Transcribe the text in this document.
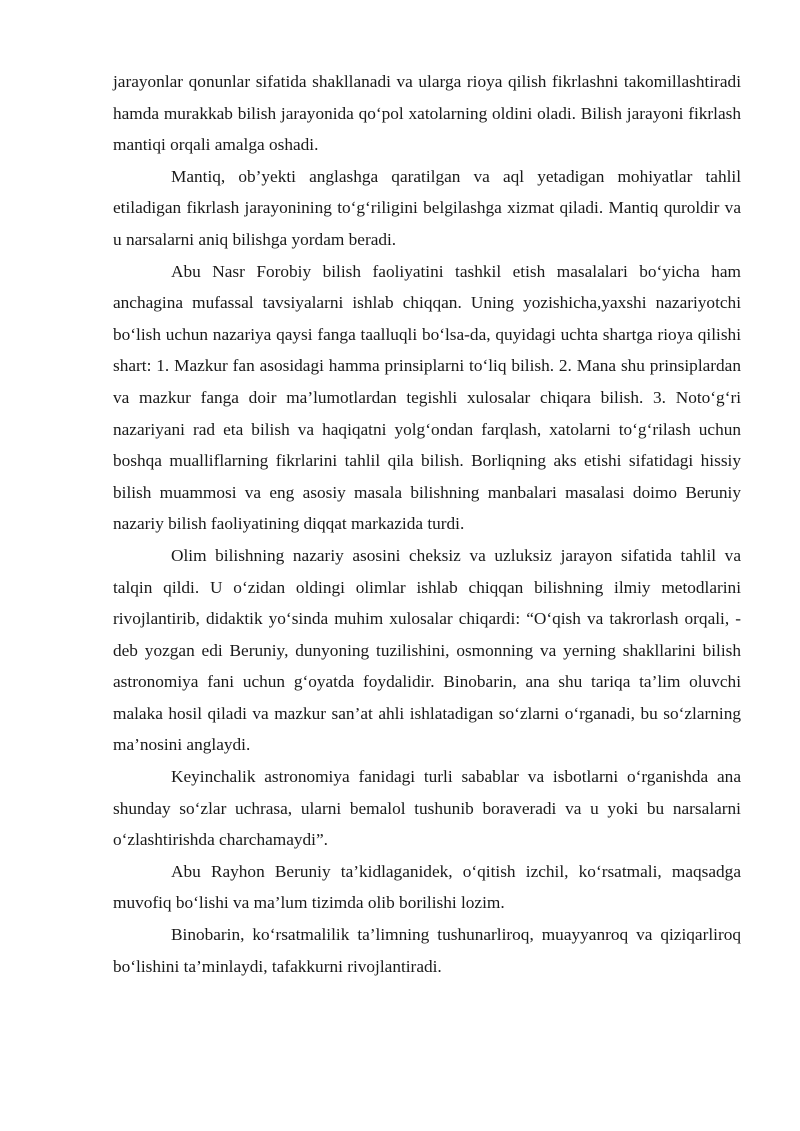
jarayonlar qonunlar sifatida shakllanadi va ularga rioya qilish fikrlashni takomillashtiradi hamda murakkab bilish jarayonida qo‘pol xatolarning oldini oladi. Bilish jarayoni fikrlash mantiqi orqali amalga oshadi.

Mantiq, ob’yekti anglashga qaratilgan va aql yetadigan mohiyatlar tahlil etiladigan fikrlash jarayonining to‘g‘riligini belgilashga xizmat qiladi. Mantiq quroldir va u narsalarni aniq bilishga yordam beradi.

Abu Nasr Forobiy bilish faoliyatini tashkil etish masalalari bo‘yicha ham anchagina mufassal tavsiyalarni ishlab chiqqan. Uning yozishicha,yaxshi nazariyotchi bo‘lish uchun nazariya qaysi fanga taalluqli bo‘lsa-da, quyidagi uchta shartga rioya qilishi shart: 1. Mazkur fan asosidagi hamma prinsiplarni to‘liq bilish. 2. Mana shu prinsiplardan va mazkur fanga doir ma’lumotlardan tegishli xulosalar chiqara bilish. 3. Noto‘g‘ri nazariyani rad eta bilish va haqiqatni yolg‘ondan farqlash, xatolarni to‘g‘rilash uchun boshqa mualliflarning fikrlarini tahlil qila bilish. Borliqning aks etishi sifatidagi hissiy bilish muammosi va eng asosiy masala bilishning manbalari masalasi doimo Beruniy nazariy bilish faoliyatining diqqat markazida turdi.

Olim bilishning nazariy asosini cheksiz va uzluksiz jarayon sifatida tahlil va talqin qildi. U o‘zidan oldingi olimlar ishlab chiqqan bilishning ilmiy metodlarini rivojlantirib, didaktik yo‘sinda muhim xulosalar chiqardi: “O‘qish va takrorlash orqali, - deb yozgan edi Beruniy, dunyoning tuzilishini, osmonning va yerning shakllarini bilish astronomiya fani uchun g‘oyatda foydalidir. Binobarin, ana shu tariqa ta’lim oluvchi malaka hosil qiladi va mazkur san’at ahli ishlatadigan so‘zlarni o‘rganadi, bu so‘zlarning ma’nosini anglaydi.

Keyinchalik astronomiya fanidagi turli sabablar va isbotlarni o‘rganishda ana shunday so‘zlar uchrasa, ularni bemalol tushunib boraveradi va u yoki bu narsalarni o‘zlashtirishda charchamaydi”.

Abu Rayhon Beruniy ta’kidlaganidek, o‘qitish izchil, ko‘rsatmali, maqsadga muvofiq bo‘lishi va ma’lum tizimda olib borilishi lozim.

Binobarin, ko‘rsatmalilik ta’limning tushunarliroq, muayyanroq va qiziqarliroq bo‘lishini ta’minlaydi, tafakkurni rivojlantiradi.
